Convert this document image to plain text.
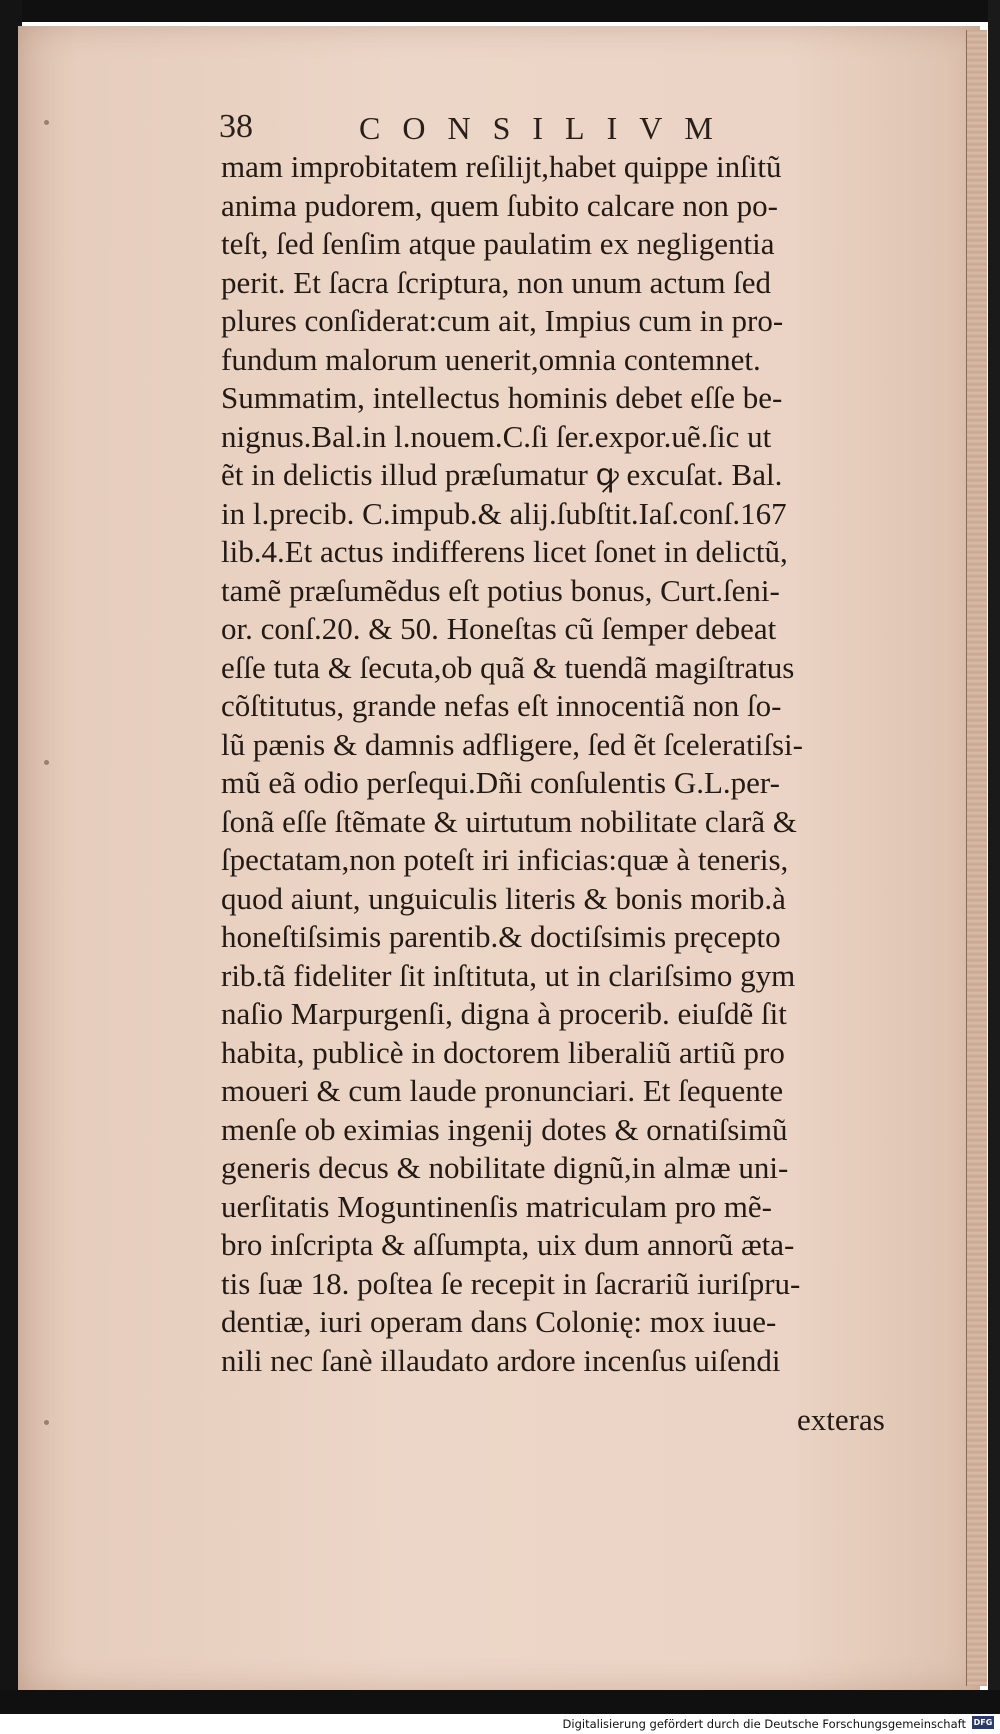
38	CONSILIVM
mam improbitatem reſilijt,habet quippe inſitũ
anima pudorem, quem ſubito calcare non po-
teſt, ſed ſenſim atque paulatim ex negligentia
perit. Et ſacra ſcriptura, non unum actum ſed
plures conſiderat:cum ait, Impius cum in pro-
fundum malorum uenerit,omnia contemnet.
Summatim, intellectus hominis debet eſſe be-
nignus.Bal.in l.nouem.C.ſi ſer.expor.uẽ.ſic ut
ẽt in delictis illud præſumatur ꝙ excuſat. Bal.
in l.precib. C.impub.& alij.ſubſtit.Iaſ.conſ.167
lib.4.Et actus indifferens licet ſonet in delictũ,
tamẽ præſumẽdus eſt potius bonus, Curt.ſeni-
or. conſ.20. & 50. Honeſtas cũ ſemper debeat
eſſe tuta & ſecuta,ob quã & tuendã magiſtratus
cõſtitutus, grande nefas eſt innocentiã non ſo-
lũ pænis & damnis adfligere, ſed ẽt ſceleratiſsi-
mũ eã odio perſequi.Dñi conſulentis G.L.per-
ſonã eſſe ſtẽmate & uirtutum nobilitate clarã &
ſpectatam,non poteſt iri inficias:quæ à teneris,
quod aiunt, unguiculis literis & bonis morib.à
honeſtiſsimis parentib.& doctiſsimis pręcepto
rib.tã fideliter ſit inſtituta, ut in clariſsimo gym
naſio Marpurgenſi, digna à procerib. eiuſdẽ ſit
habita, publicè in doctorem liberaliũ artiũ pro
moueri & cum laude pronunciari. Et ſequente
menſe ob eximias ingenij dotes & ornatiſsimũ
generis decus & nobilitate dignũ,in almæ uni-
uerſitatis Moguntinenſis matriculam pro mẽ-
bro inſcripta & aſſumpta, uix dum annorũ ætа-
tis ſuæ 18. poſtea ſe recepit in ſacrariũ iuriſpru-
dentiæ, iuri operam dans Colonię: mox iuue-
nili nec ſanè illaudato ardore incenſus uiſendi
exteras
Digitalisierung gefördert durch die Deutsche Forschungsgemeinschaft DFG
